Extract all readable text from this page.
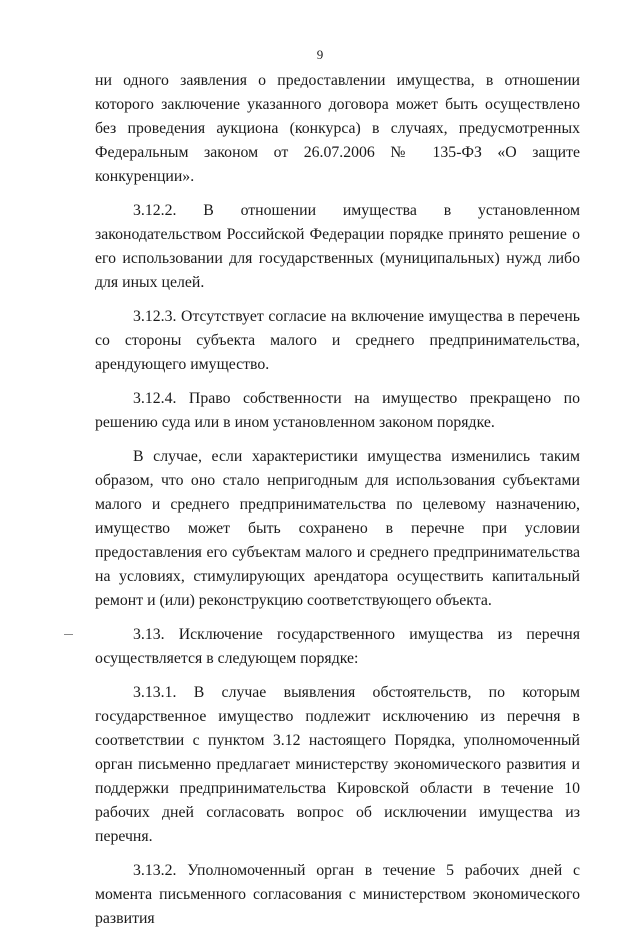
9

ни одного заявления о предоставлении имущества, в отношении которого заключение указанного договора может быть осуществлено без проведения аукциона (конкурса) в случаях, предусмотренных Федеральным законом от 26.07.2006 № 135-ФЗ «О защите конкуренции».

3.12.2. В отношении имущества в установленном законодательством Российской Федерации порядке принято решение о его использовании для государственных (муниципальных) нужд либо для иных целей.

3.12.3. Отсутствует согласие на включение имущества в перечень со стороны субъекта малого и среднего предпринимательства, арендующего имущество.

3.12.4. Право собственности на имущество прекращено по решению суда или в ином установленном законом порядке.

В случае, если характеристики имущества изменились таким образом, что оно стало непригодным для использования субъектами малого и среднего предпринимательства по целевому назначению, имущество может быть сохранено в перечне при условии предоставления его субъектам малого и среднего предпринимательства на условиях, стимулирующих арендатора осуществить капитальный ремонт и (или) реконструкцию соответствующего объекта.

3.13. Исключение государственного имущества из перечня осуществляется в следующем порядке:

3.13.1. В случае выявления обстоятельств, по которым государственное имущество подлежит исключению из перечня в соответствии с пунктом 3.12 настоящего Порядка, уполномоченный орган письменно предлагает министерству экономического развития и поддержки предпринимательства Кировской области в течение 10 рабочих дней согласовать вопрос об исключении имущества из перечня.

3.13.2. Уполномоченный орган в течение 5 рабочих дней с момента письменного согласования с министерством экономического развития
